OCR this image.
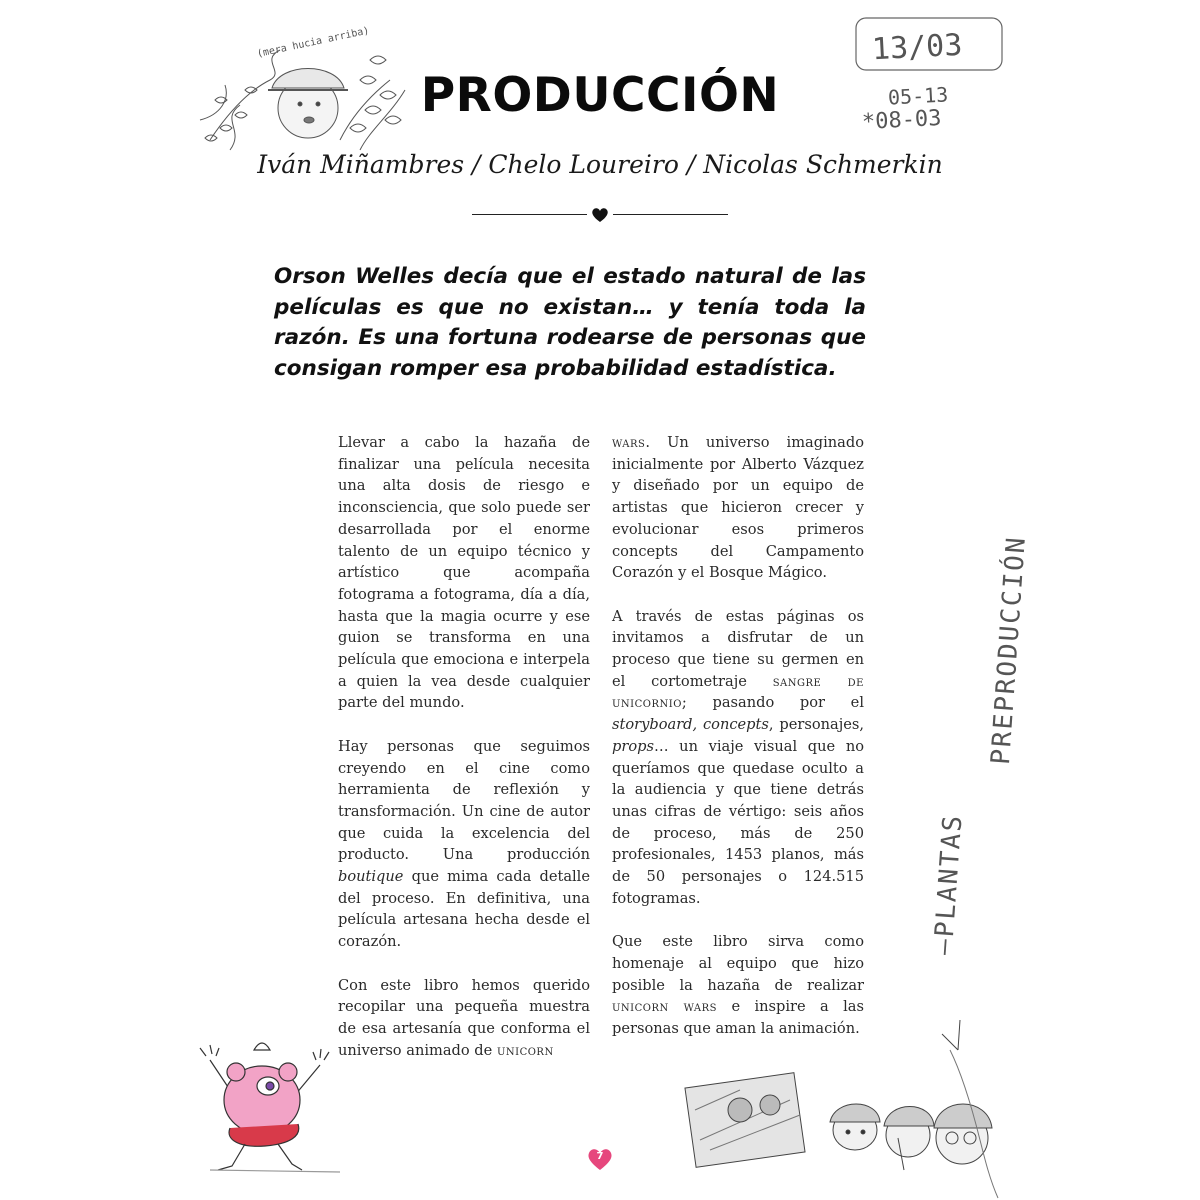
(mera hucia arriba)	13/03
05-13
*08-03
PRODUCCIÓN
Iván Miñambres / Chelo Loureiro / Nicolas Schmerkin

Orson Welles decía que el estado natural de las películas es que no existan… y tenía toda la razón. Es una fortuna rodearse de personas que consigan romper esa probabilidad estadística.

Llevar a cabo la hazaña de finalizar una película necesita una alta dosis de riesgo e inconsciencia, que solo puede ser desarrollada por el enorme talento de un equipo técnico y artístico que acompaña fotograma a fotograma, día a día, hasta que la magia ocurre y ese guion se transforma en una película que emociona e interpela a quien la vea desde cualquier parte del mundo.

Hay personas que seguimos creyendo en el cine como herramienta de reflexión y transformación. Un cine de autor que cuida la excelencia del producto. Una producción boutique que mima cada detalle del proceso. En definitiva, una película artesana hecha desde el corazón.

Con este libro hemos querido recopilar una pequeña muestra de esa artesanía que conforma el universo animado de unicorn

wars. Un universo imaginado inicialmente por Alberto Vázquez y diseñado por un equipo de artistas que hicieron crecer y evolucionar esos primeros concepts del Campamento Corazón y el Bosque Mágico.

A través de estas páginas os invitamos a disfrutar de un proceso que tiene su germen en el cortometraje sangre de unicornio; pasando por el storyboard, concepts, personajes, props… un viaje visual que no queríamos que quedase oculto a la audiencia y que tiene detrás unas cifras de vértigo: seis años de proceso, más de 250 profesionales, 1453 planos, más de 50 personajes o 124.515 fotogramas.

Que este libro sirva como homenaje al equipo que hizo posible la hazaña de realizar unicorn wars e inspire a las personas que aman la animación.

PREPRODUCCIÓN
—PLANTAS
7
